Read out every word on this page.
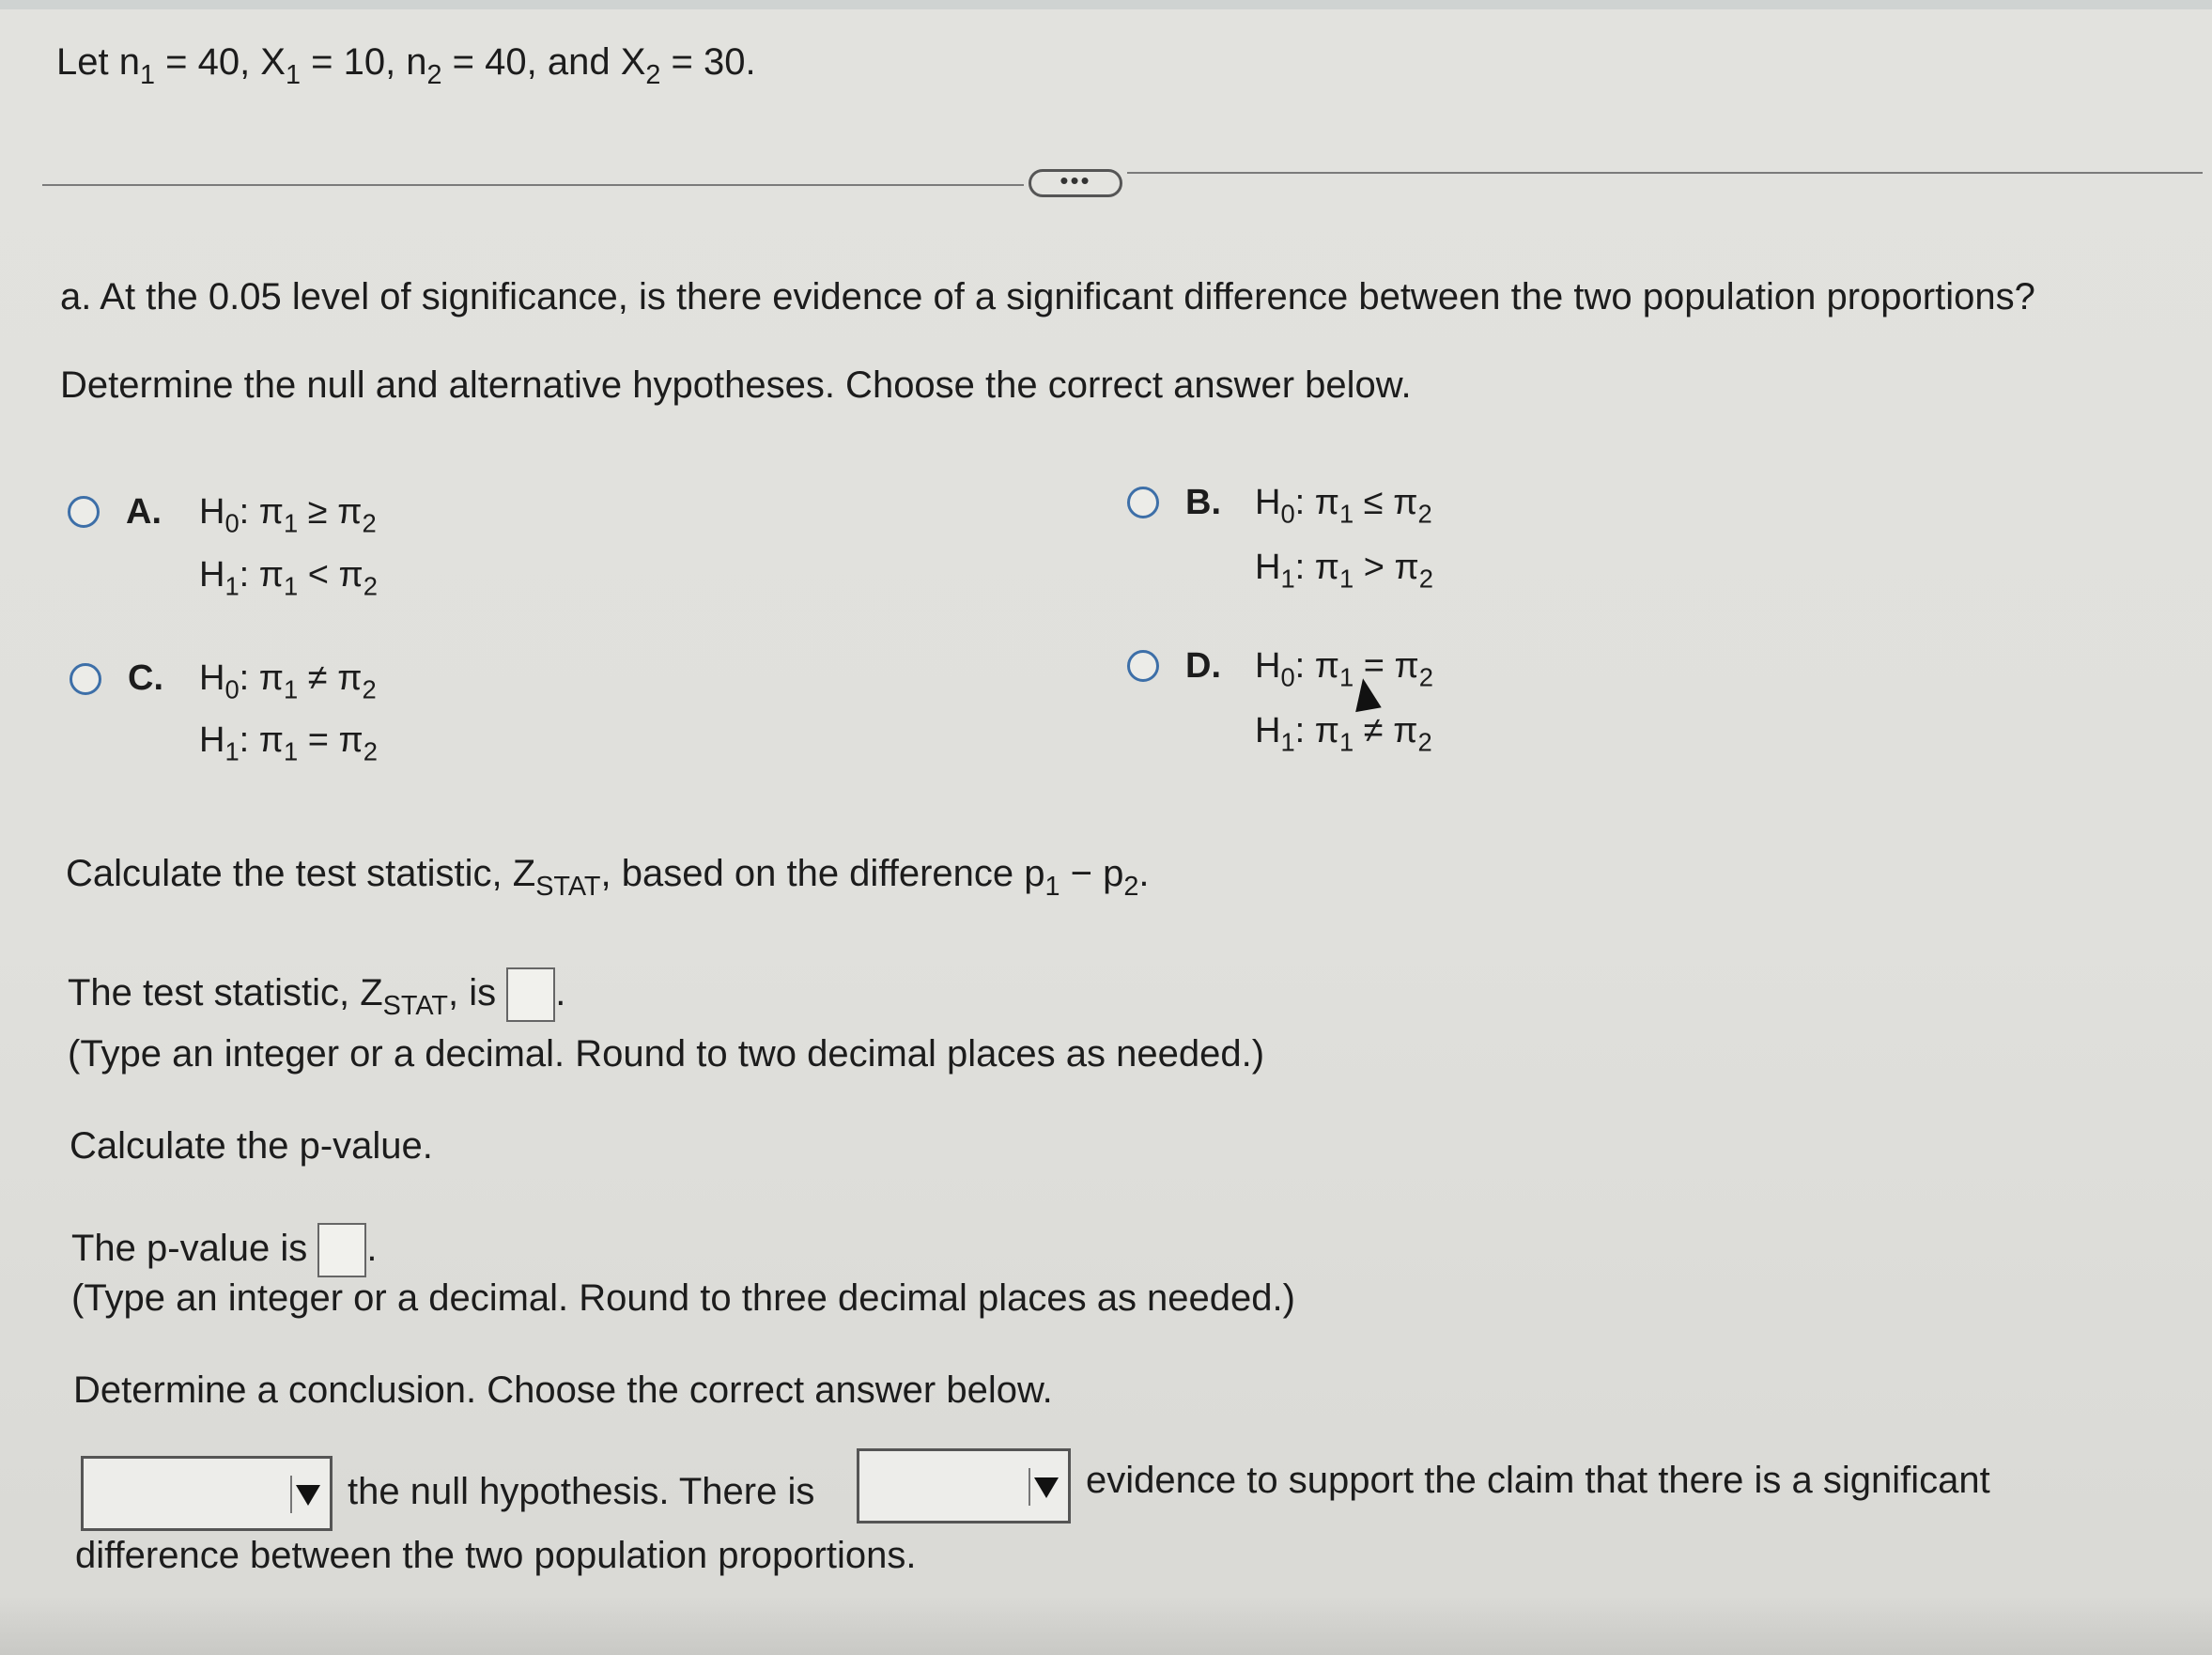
Let $n_1 = 40$, $X_1 = 10$, $n_2 = 40$, and $X_2 = 30$.
•••
a. At the 0.05 level of significance, is there evidence of a significant difference between the two population proportions?
Determine the null and alternative hypotheses. Choose the correct answer below.
A. $H_0$: $\pi_1 \ge \pi_2$
$H_1$: $\pi_1 < \pi_2$
B. $H_0$: $\pi_1 \le \pi_2$
$H_1$: $\pi_1 > \pi_2$
C. $H_0$: $\pi_1 \ne \pi_2$
$H_1$: $\pi_1 = \pi_2$
D. $H_0$: $\pi_1 = \pi_2$
$H_1$: $\pi_1 \ne \pi_2$
Calculate the test statistic, $Z_{STAT}$, based on the difference $p_1 - p_2$.
The test statistic, $Z_{STAT}$, is .
(Type an integer or a decimal. Round to two decimal places as needed.)
Calculate the p-value.
The p-value is .
(Type an integer or a decimal. Round to three decimal places as needed.)
Determine a conclusion. Choose the correct answer below.
the null hypothesis. There is	evidence to support the claim that there is a significant
difference between the two population proportions.
